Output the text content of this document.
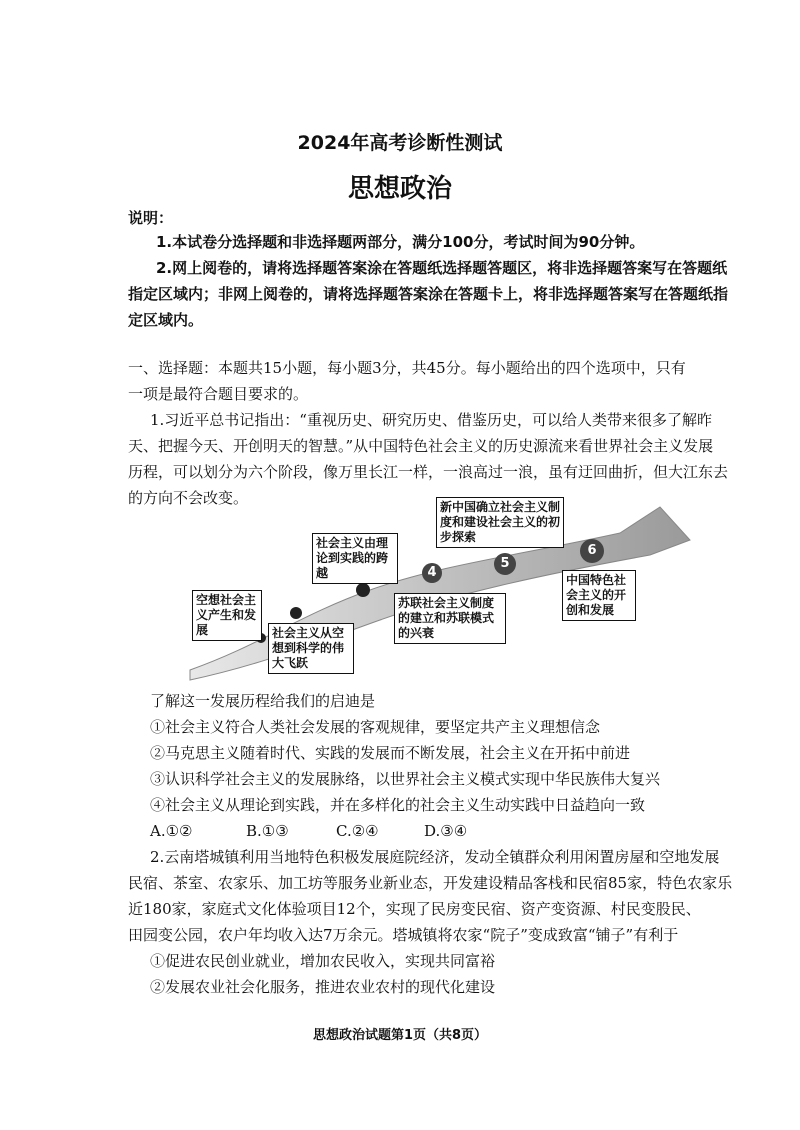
2024年高考诊断性测试
思想政治
说明：
1.本试卷分选择题和非选择题两部分，满分100分，考试时间为90分钟。
2.网上阅卷的，请将选择题答案涂在答题纸选择题答题区，将非选择题答案写在答题纸
指定区域内；非网上阅卷的，请将选择题答案涂在答题卡上，将非选择题答案写在答题纸指
定区域内。
一、选择题：本题共15小题，每小题3分，共45分。每小题给出的四个选项中，只有
一项是最符合题目要求的。
1.习近平总书记指出：“重视历史、研究历史、借鉴历史，可以给人类带来很多了解昨
天、把握今天、开创明天的智慧。”从中国特色社会主义的历史源流来看世界社会主义发展
历程，可以划分为六个阶段，像万里长江一样，一浪高过一浪，虽有迂回曲折，但大江东去
的方向不会改变。
4
5
6
空想社会主义产生和发展	社会主义从空想到科学的伟大飞跃
社会主义由理论到实践的跨越
苏联社会主义制度的建立和苏联模式的兴衰
新中国确立社会主义制度和建设社会主义的初步探索
中国特色社会主义的开创和发展
了解这一发展历程给我们的启迪是
①社会主义符合人类社会发展的客观规律，要坚定共产主义理想信念
②马克思主义随着时代、实践的发展而不断发展，社会主义在开拓中前进
③认识科学社会主义的发展脉络，以世界社会主义模式实现中华民族伟大复兴
④社会主义从理论到实践，并在多样化的社会主义生动实践中日益趋向一致
A.①②	B.①③	C.②④	D.③④
2.云南塔城镇利用当地特色积极发展庭院经济，发动全镇群众利用闲置房屋和空地发展
民宿、茶室、农家乐、加工坊等服务业新业态，开发建设精品客栈和民宿85家，特色农家乐
近180家，家庭式文化体验项目12个，实现了民房变民宿、资产变资源、村民变股民、
田园变公园，农户年均收入达7万余元。塔城镇将农家“院子”变成致富“铺子”有利于
①促进农民创业就业，增加农民收入，实现共同富裕
②发展农业社会化服务，推进农业农村的现代化建设
思想政治试题第1页（共8页）
